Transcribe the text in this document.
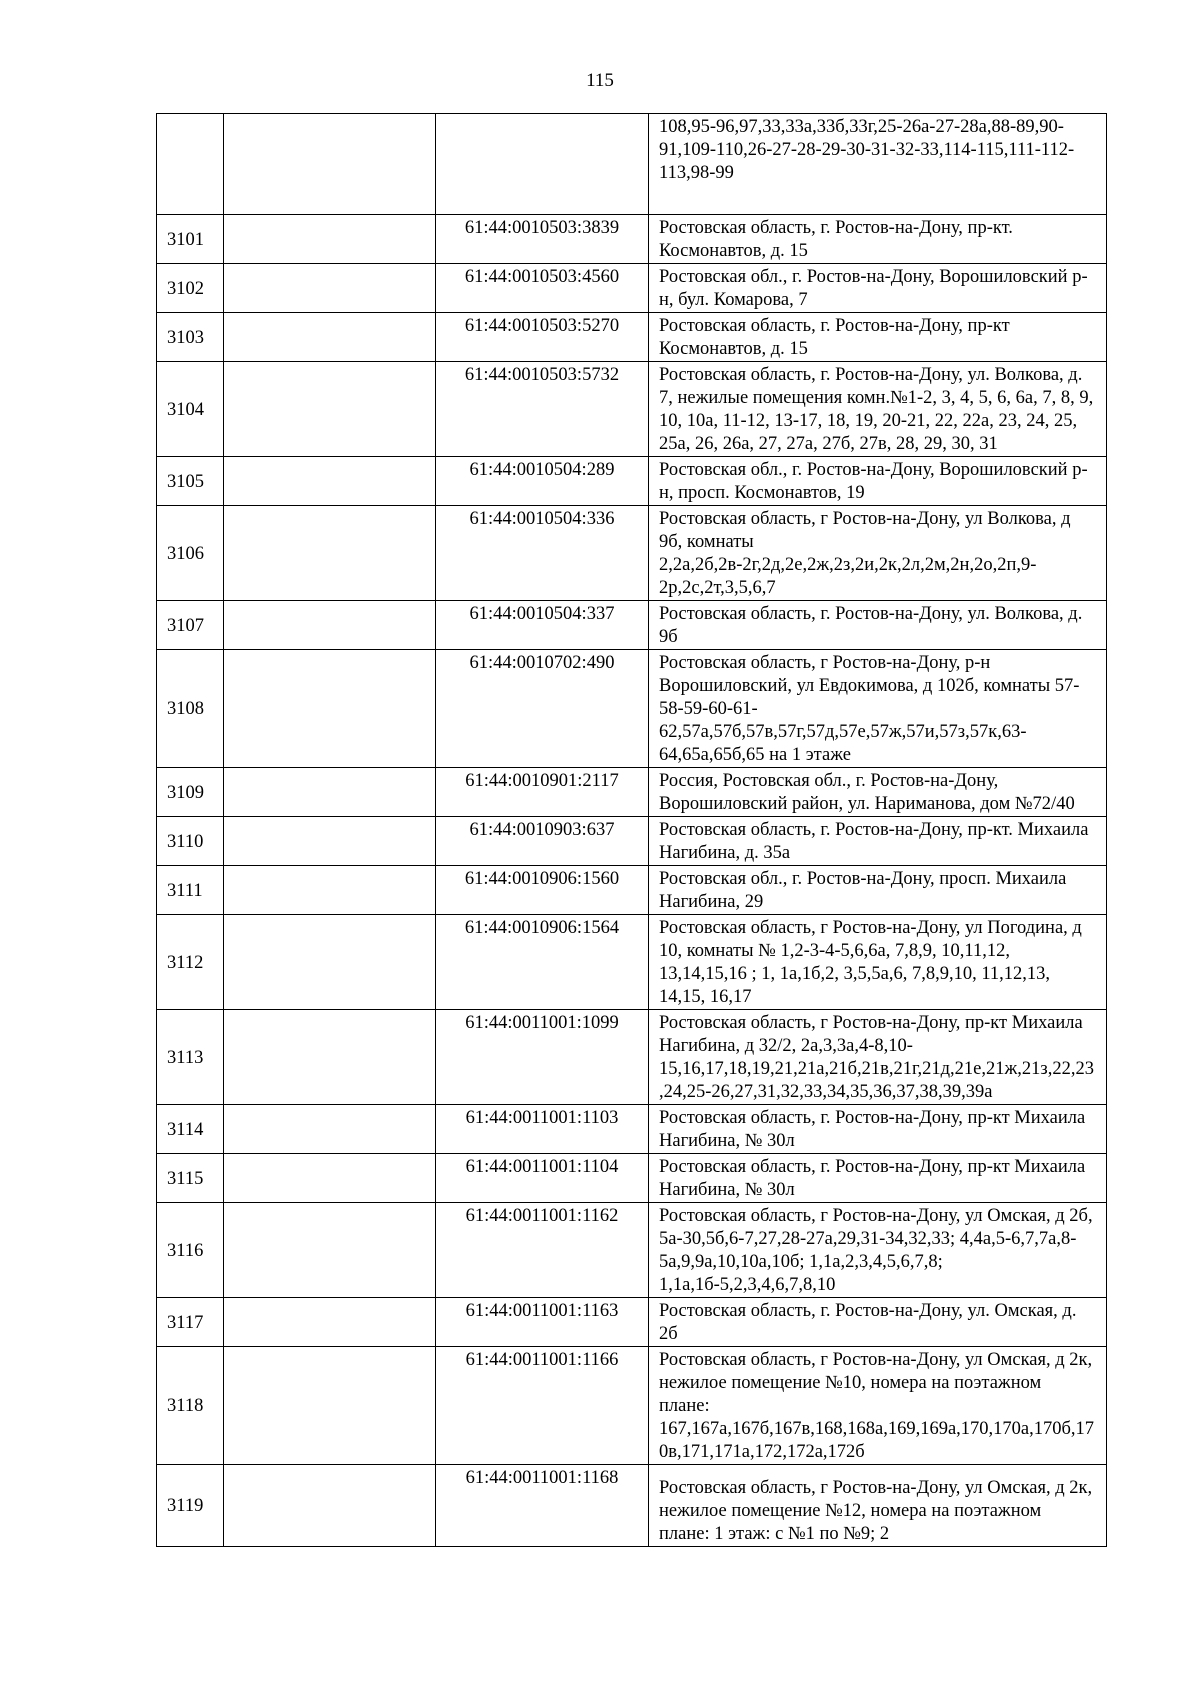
115

			108,95-96,97,33,33а,33б,33г,25-26а-27-28а,88-89,90-91,109-110,26-27-28-29-30-31-32-33,114-115,111-112-113,98-99

3101		61:44:0010503:3839	Ростовская область, г. Ростов-на-Дону, пр-кт. Космонавтов, д. 15
3102		61:44:0010503:4560	Ростовская обл., г. Ростов-на-Дону, Ворошиловский р-н, бул. Комарова, 7
3103		61:44:0010503:5270	Ростовская область, г. Ростов-на-Дону, пр-кт Космонавтов, д. 15
3104		61:44:0010503:5732	Ростовская область, г. Ростов-на-Дону, ул. Волкова, д. 7, нежилые помещения комн.№1-2, 3, 4, 5, 6, 6а, 7, 8, 9, 10, 10а, 11-12, 13-17, 18, 19, 20-21, 22, 22а, 23, 24, 25, 25а, 26, 26а, 27, 27а, 27б, 27в, 28, 29, 30, 31
3105		61:44:0010504:289	Ростовская обл., г. Ростов-на-Дону, Ворошиловский р-н, просп. Космонавтов, 19
3106		61:44:0010504:336	Ростовская область, г Ростов-на-Дону, ул Волкова, д 9б, комнаты 2,2а,2б,2в-2г,2д,2е,2ж,2з,2и,2к,2л,2м,2н,2о,2п,9-2р,2с,2т,3,5,6,7
3107		61:44:0010504:337	Ростовская область, г. Ростов-на-Дону, ул. Волкова, д. 9б
3108		61:44:0010702:490	Ростовская область, г Ростов-на-Дону, р-н Ворошиловский, ул Евдокимова, д 102б, комнаты 57-58-59-60-61-62,57а,57б,57в,57г,57д,57е,57ж,57и,57з,57к,63-64,65а,65б,65 на 1 этаже
3109		61:44:0010901:2117	Россия, Ростовская обл., г. Ростов-на-Дону, Ворошиловский район, ул. Нариманова, дом №72/40
3110		61:44:0010903:637	Ростовская область, г. Ростов-на-Дону, пр-кт. Михаила Нагибина, д. 35а
3111		61:44:0010906:1560	Ростовская обл., г. Ростов-на-Дону, просп. Михаила Нагибина, 29
3112		61:44:0010906:1564	Ростовская область, г Ростов-на-Дону, ул Погодина, д 10, комнаты № 1,2-3-4-5,6,6а, 7,8,9, 10,11,12, 13,14,15,16 ; 1, 1а,1б,2, 3,5,5а,6, 7,8,9,10, 11,12,13, 14,15, 16,17
3113		61:44:0011001:1099	Ростовская область, г Ростов-на-Дону, пр-кт Михаила Нагибина, д 32/2, 2а,3,3а,4-8,10-15,16,17,18,19,21,21а,21б,21в,21г,21д,21е,21ж,21з,22,23,24,25-26,27,31,32,33,34,35,36,37,38,39,39а
3114		61:44:0011001:1103	Ростовская область, г. Ростов-на-Дону, пр-кт Михаила Нагибина, № 30л
3115		61:44:0011001:1104	Ростовская область, г. Ростов-на-Дону, пр-кт Михаила Нагибина, № 30л
3116		61:44:0011001:1162	Ростовская область, г Ростов-на-Дону, ул Омская, д 2б, 5а-30,5б,6-7,27,28-27а,29,31-34,32,33; 4,4а,5-6,7,7а,8-5а,9,9а,10,10а,10б; 1,1а,2,3,4,5,6,7,8; 1,1а,1б-5,2,3,4,6,7,8,10
3117		61:44:0011001:1163	Ростовская область, г. Ростов-на-Дону, ул. Омская, д. 2б
3118		61:44:0011001:1166	Ростовская область, г Ростов-на-Дону, ул Омская, д 2к, нежилое помещение №10, номера на поэтажном плане: 167,167а,167б,167в,168,168а,169,169а,170,170а,170б,170в,171,171а,172,172а,172б
3119		61:44:0011001:1168	Ростовская область, г Ростов-на-Дону, ул Омская, д 2к, нежилое помещение №12, номера на поэтажном плане: 1 этаж: с №1 по №9; 2
